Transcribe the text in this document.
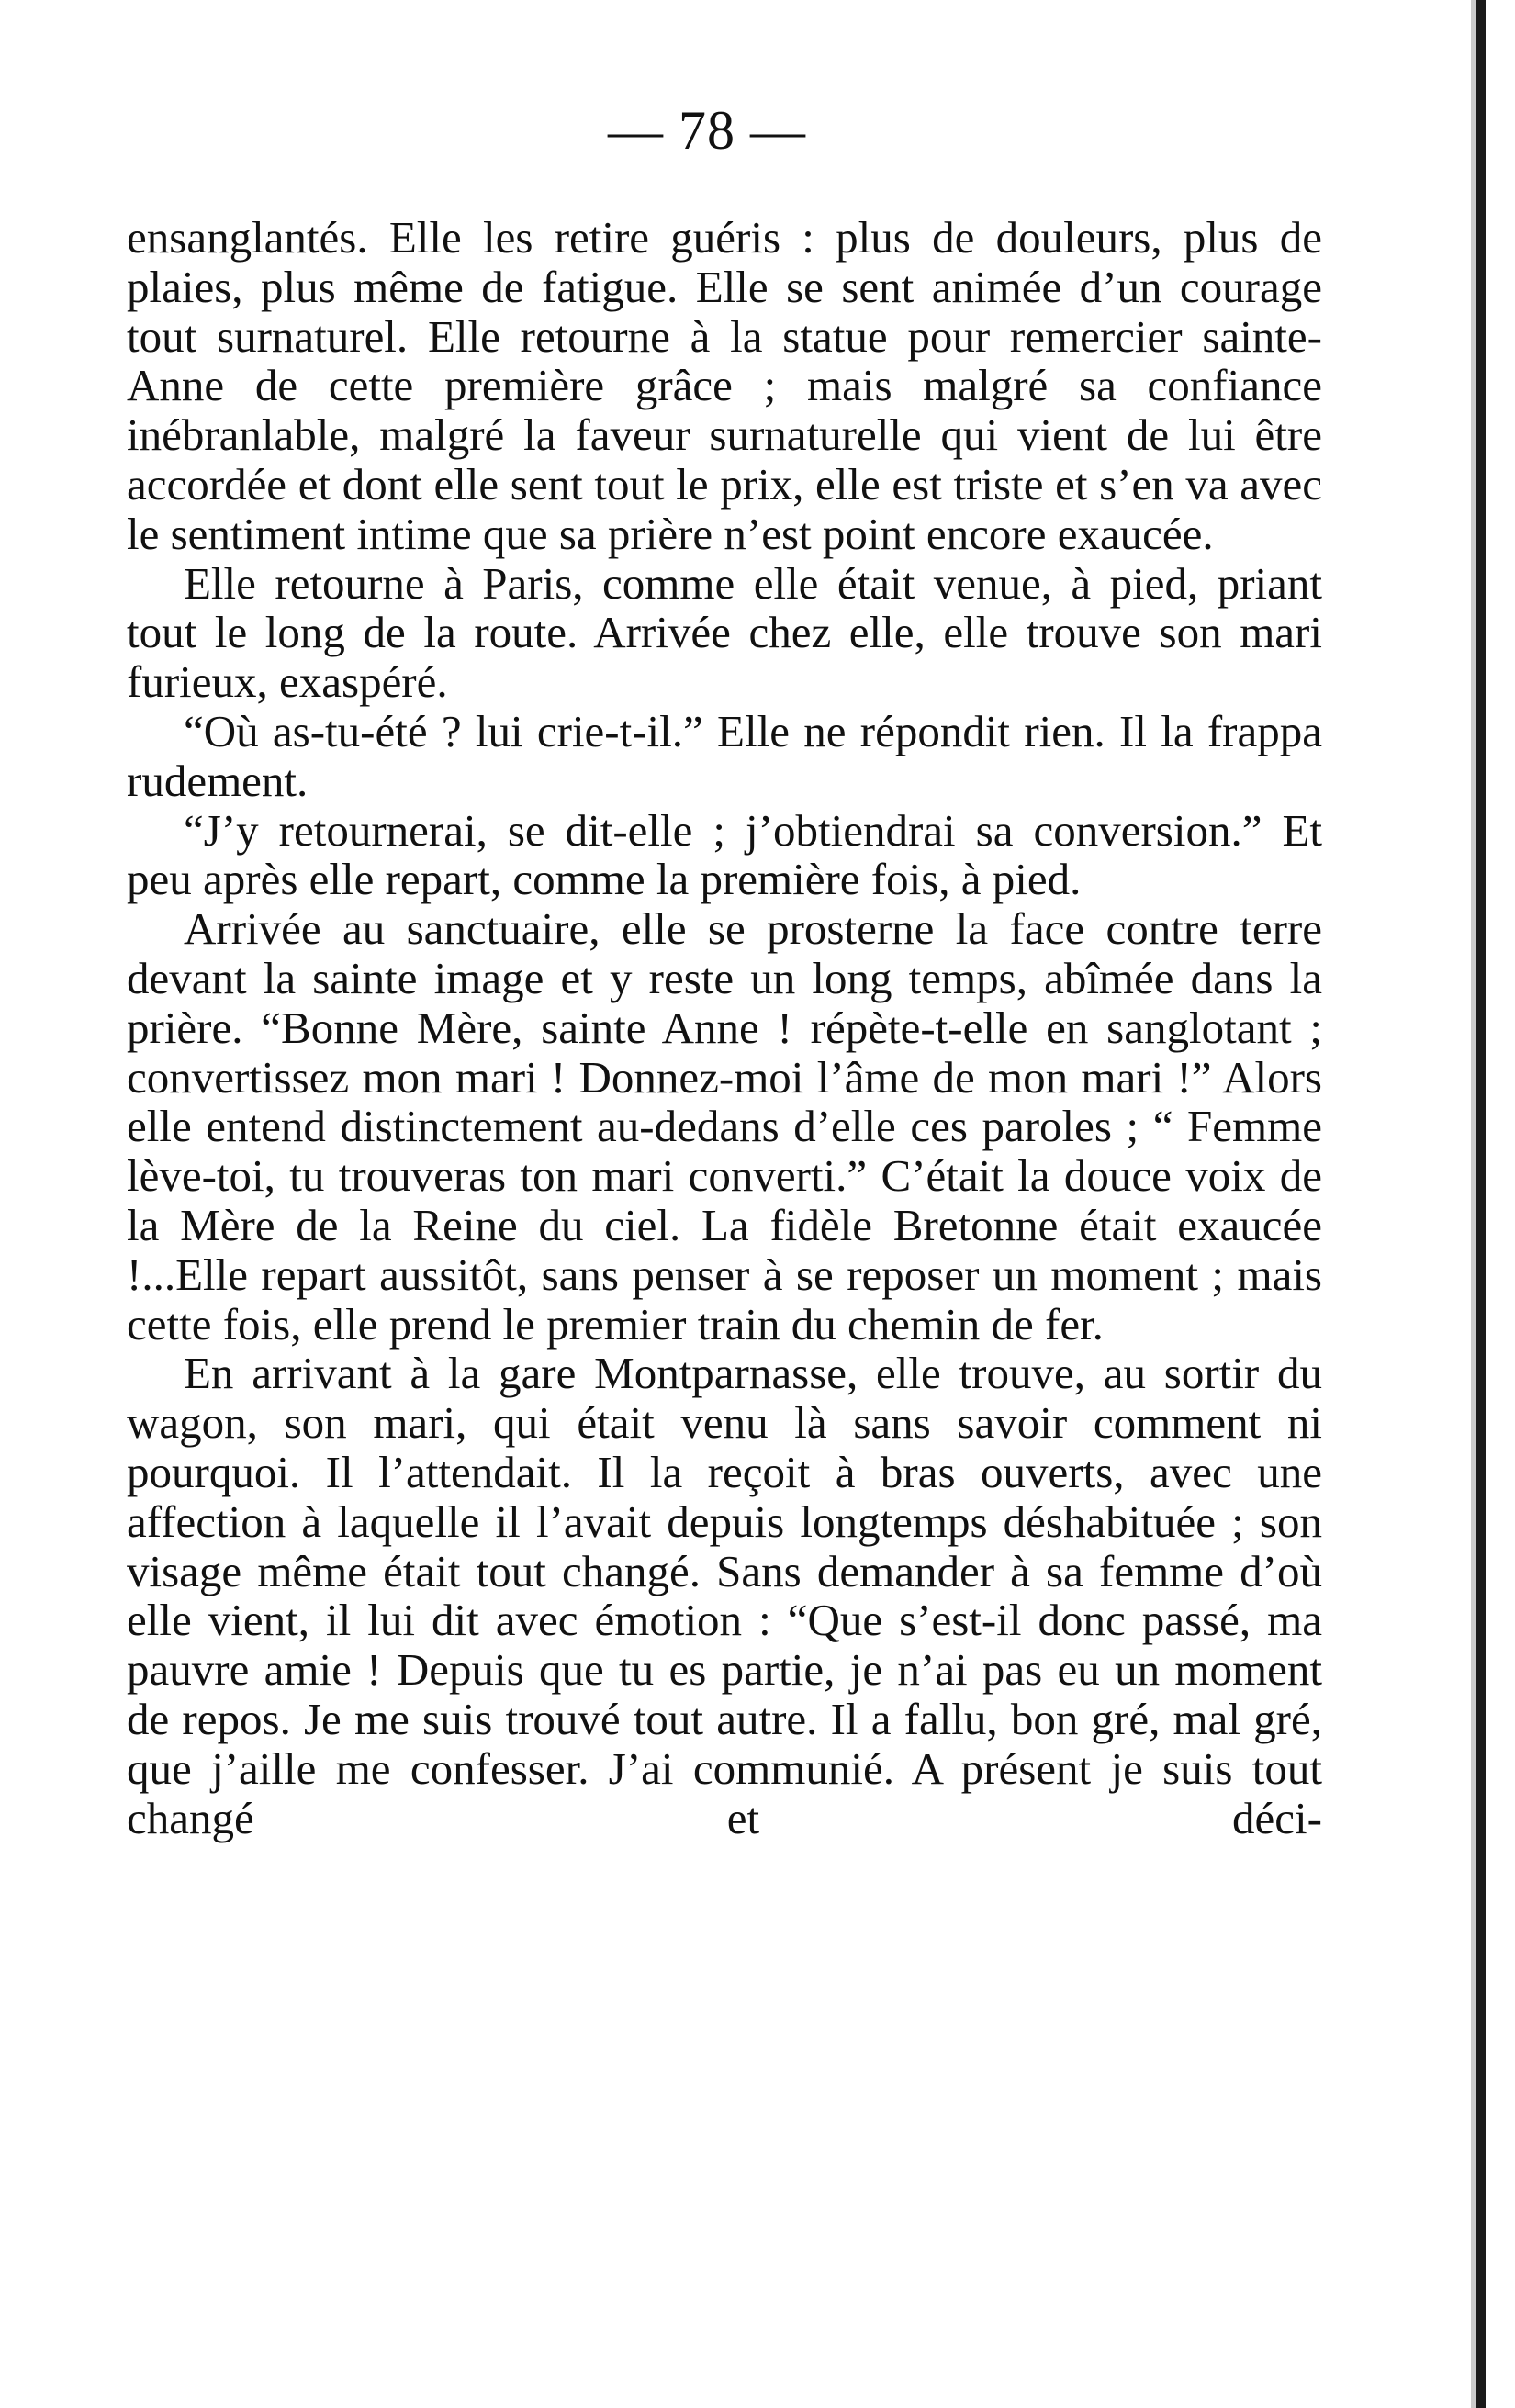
— 78 —

ensanglantés. Elle les retire guéris : plus de douleurs, plus de plaies, plus même de fatigue. Elle se sent animée d’un courage tout surnaturel. Elle retourne à la statue pour remercier sainte-Anne de cette première grâce ; mais malgré sa confiance inébranlable, malgré la faveur surnaturelle qui vient de lui être accordée et dont elle sent tout le prix, elle est triste et s’en va avec le sentiment intime que sa prière n’est point encore exaucée.

Elle retourne à Paris, comme elle était venue, à pied, priant tout le long de la route. Arrivée chez elle, elle trouve son mari furieux, exaspéré.

“Où as-tu-été ? lui crie-t-il.” Elle ne répondit rien. Il la frappa rudement.

“J’y retournerai, se dit-elle ; j’obtiendrai sa conversion.” Et peu après elle repart, comme la première fois, à pied.

Arrivée au sanctuaire, elle se prosterne la face contre terre devant la sainte image et y reste un long temps, abîmée dans la prière. “Bonne Mère, sainte Anne ! répète-t-elle en sanglotant ; convertissez mon mari ! Donnez-moi l’âme de mon mari !” Alors elle entend distinctement au-dedans d’elle ces paroles ; “ Femme lève-toi, tu trouveras ton mari converti.” C’était la douce voix de la Mère de la Reine du ciel. La fidèle Bretonne était exaucée !...Elle repart aussitôt, sans penser à se reposer un moment ; mais cette fois, elle prend le premier train du chemin de fer.

En arrivant à la gare Montparnasse, elle trouve, au sortir du wagon, son mari, qui était venu là sans savoir comment ni pourquoi. Il l’attendait. Il la reçoit à bras ouverts, avec une affection à laquelle il l’avait depuis longtemps déshabituée ; son visage même était tout changé. Sans demander à sa femme d’où elle vient, il lui dit avec émotion : “Que s’est-il donc passé, ma pauvre amie ! Depuis que tu es partie, je n’ai pas eu un moment de repos. Je me suis trouvé tout autre. Il a fallu, bon gré, mal gré, que j’aille me confesser. J’ai communié. A présent je suis tout changé et déci-
